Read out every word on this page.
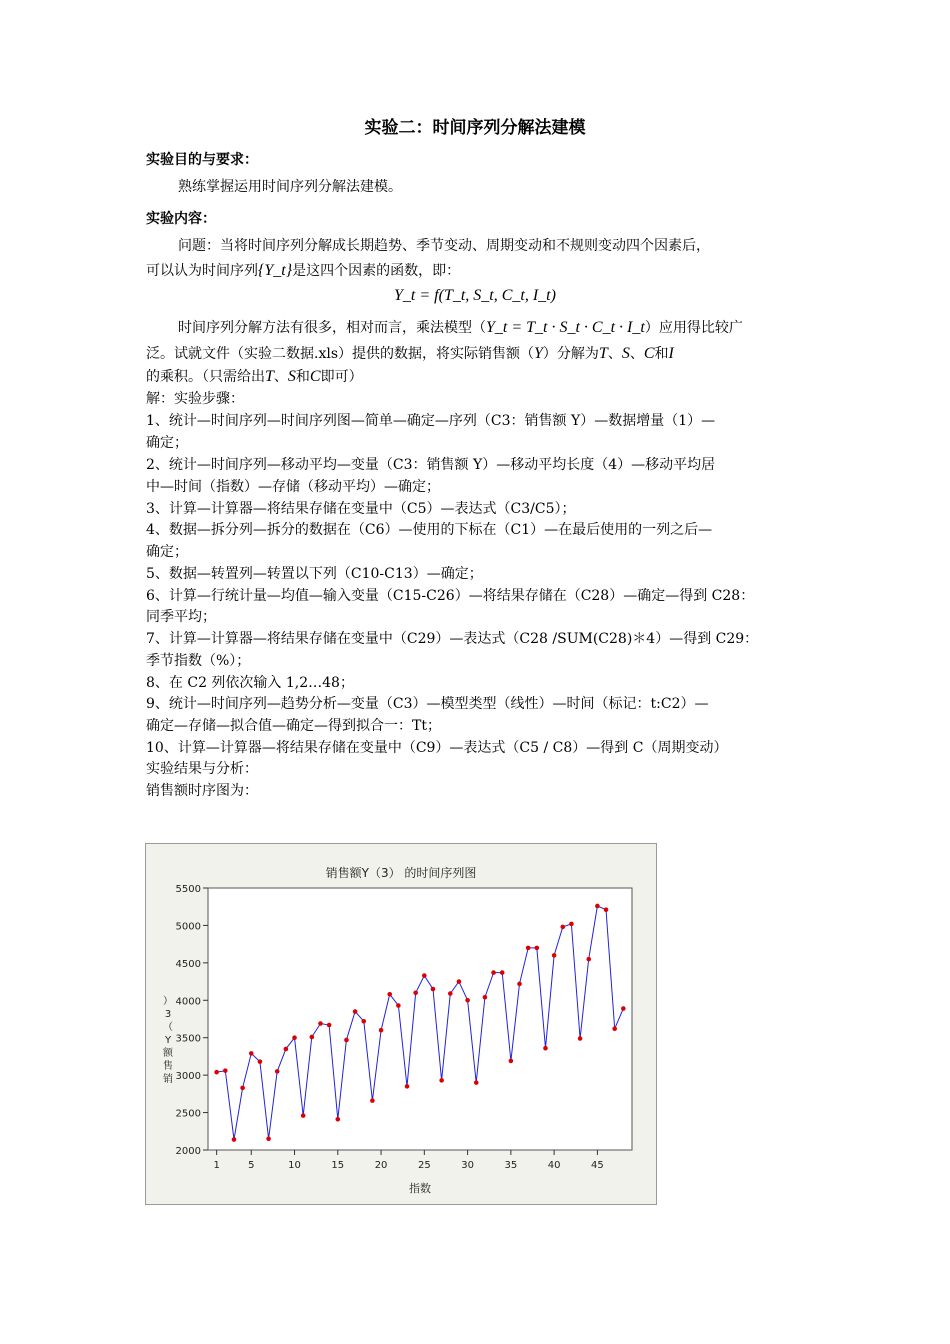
实验二：时间序列分解法建模
实验目的与要求：
熟练掌握运用时间序列分解法建模。
实验内容：
问题：当将时间序列分解成长期趋势、季节变动、周期变动和不规则变动四个因素后，
可以认为时间序列{Y_t}是这四个因素的函数，即：
Y_t = f(T_t, S_t, C_t, I_t)
时间序列分解方法有很多，相对而言，乘法模型（Y_t = T_t · S_t · C_t · I_t）应用得比较广
泛。试就文件（实验二数据.xls）提供的数据，将实际销售额（Y）分解为T、S、C和I
的乘积。（只需给出T、S和C即可）
解：实验步骤：
1、统计—时间序列—时间序列图—简单—确定—序列（C3：销售额 Y）—数据增量（1）—
确定；
2、统计—时间序列—移动平均—变量（C3：销售额 Y）—移动平均长度（4）—移动平均居
中—时间（指数）—存储（移动平均）—确定；
3、计算—计算器—将结果存储在变量中（C5）—表达式（C3/C5）；
4、数据—拆分列—拆分的数据在（C6）—使用的下标在（C1）—在最后使用的一列之后—
确定；
5、数据—转置列—转置以下列（C10-C13）—确定；
6、计算—行统计量—均值—输入变量（C15-C26）—将结果存储在（C28）—确定—得到 C28：
同季平均；
7、计算—计算器—将结果存储在变量中（C29）—表达式（C28 /SUM(C28)＊4）—得到 C29：
季节指数（%）；
8、在 C2 列依次输入 1,2…48；
9、统计—时间序列—趋势分析—变量（C3）—模型类型（线性）—时间（标记：t:C2）—
确定—存储—拟合值—确定—得到拟合一：Tt；
10、计算—计算器—将结果存储在变量中（C9）—表达式（C5 / C8）—得到 C（周期变动）
实验结果与分析：
销售额时序图为：
销售额Y（3） 的时间序列图
2000
2500
3000
3500
4000
4500
5000
5500
1	5	10	15	20	25	30	35	40	45
指数
）
3
（
Y
额
售
销
